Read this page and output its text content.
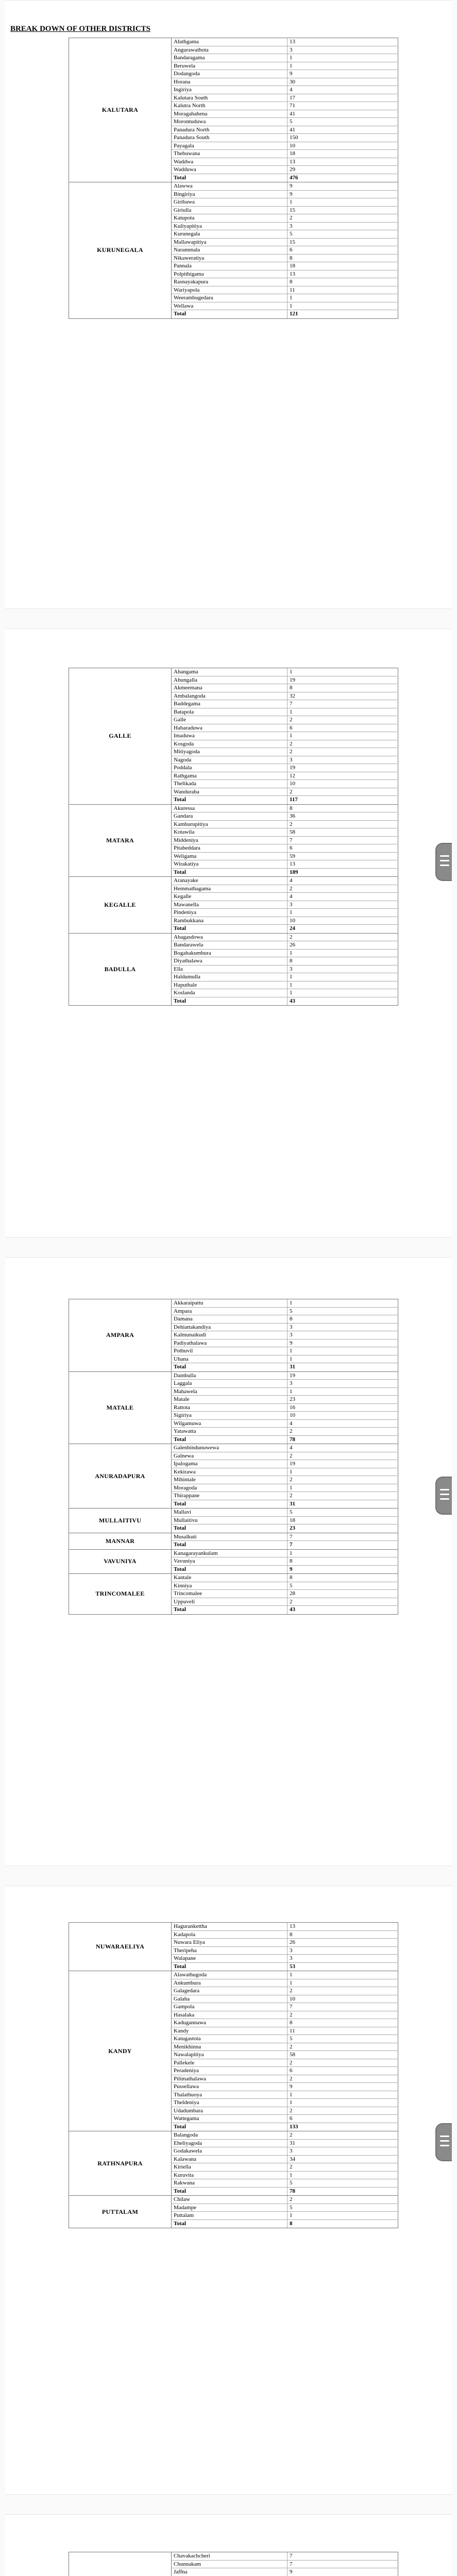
KALUTARA
Aluthgama	13
Angurawathota	3
Bandaragama	1
Beruwela	1
Dodangoda	9
Horana	30
Ingiriya	4
Kalutara South	17
Kalutra North	71
Moragahahena	41
Morontuduwa	5
Panadura North	41
Panadura South	150
Payagala	10
Thebuwana	18
Waddwa	13
Wadduwa	29
Total	476
KURUNEGALA
Alawwa	9
Bingiriya	9
Giribawa	1
Giriulla	15
Katupota	2
Kuliyapitiya	3
Kurunegala	5
Mallawapitiya	15
Narammala	6
Nikaweratiya	8
Pannala	18
Polpithigama	13
Rasnayakapura	8
Wariyapola	11
Weerambugedara	1
Wellawa	1
Total	121
GALLE
Ahangama	1
Ahungalla	19
Akmeemana	8
Ambalangoda	32
Baddegama	7
Batapola	1
Galle	2
Habaraduwa	6
Imaduwa	1
Kosgoda	2
Mitiyagoda	2
Nagoda	3
Poddala	19
Rathgama	12
Thelikada	10
Wanduraba	2
Total	117
MATARA
Akuressa	8
Gandara	36
Kamburupitiya	2
Kotawila	58
Middeniya	7
Pitabeddara	6
Weligama	59
Wirakatiya	13
Total	189
KEGALLE
Aranayake	4
Hemmathagama	2
Kegalle	4
Mawanella	3
Pindeniya	1
Rambukkana	10
Total	24
BADULLA
Abagasdowa	2
Bandarawela	26
Bogahakumbura	1
Diyathalawa	8
Ella	3
Haldumulla	1
Haputhale	1
Koslanda	1
Total	43
AMPARA
Akkaraipattu	1
Ampara	5
Damana	8
Dehiattakandiya	3
Kalmunaikudi	3
Padiyathalawa	9
Pothuvil	1
Uhana	1
Total	31
MATALE
Dambulla	19
Laggala	3
Mahawela	1
Matale	23
Rattota	16
Sigiriya	10
Wilgamuwa	4
Yatawatta	2
Total	78
ANURADAPURA
Galenbindunuwewa	4
Galnewa	2
Ipalogama	19
Kekirawa	1
Mihintale	2
Moragoda	1
Thirappane	2
Total	31
MULLAITIVU
Mallavi	5
Mullaitivu	18
Total	23
MANNAR
Musalkuti	7
Total	7
VAVUNIYA
Kanagarayankulam	1
Vavuniya	8
Total	9
TRINCOMALEE
Kantale	8
Kinniya	5
Trincomalee	28
Uppuveli	2
Total	43
NUWARAELIYA
Hagurankettha	13
Kadapola	8
Nuwara Eliya	26
Theripeha	3
Walapane	3
Total	53
KANDY
Alawathugoda	1
Ankumbura	1
Galagedara	2
Galaha	10
Gampola	7
Hasalaka	2
Kadugannawa	8
Kandy	11
Katugastota	5
Menikhinna	2
Nawalapitiya	58
Pallekele	2
Peradeniya	6
Pilimathalawa	2
Pussellawa	9
Thalathuoya	1
Theldeniya	1
Udadumbara	2
Wattegama	6
Total	133
RATHNAPURA
Balangoda	2
Eheliyagoda	31
Godakawela	3
Kalawana	34
Kiriella	2
Kuruvita	1
Rakwana	5
Total	78
PUTTALAM
Chilaw	2
Madampe	5
Puttalam	1
Total	8
Chavakachcheri	7
Chunnakam	7
Jaffna	9
BREAK DOWN OF OTHER DISTRICTS
